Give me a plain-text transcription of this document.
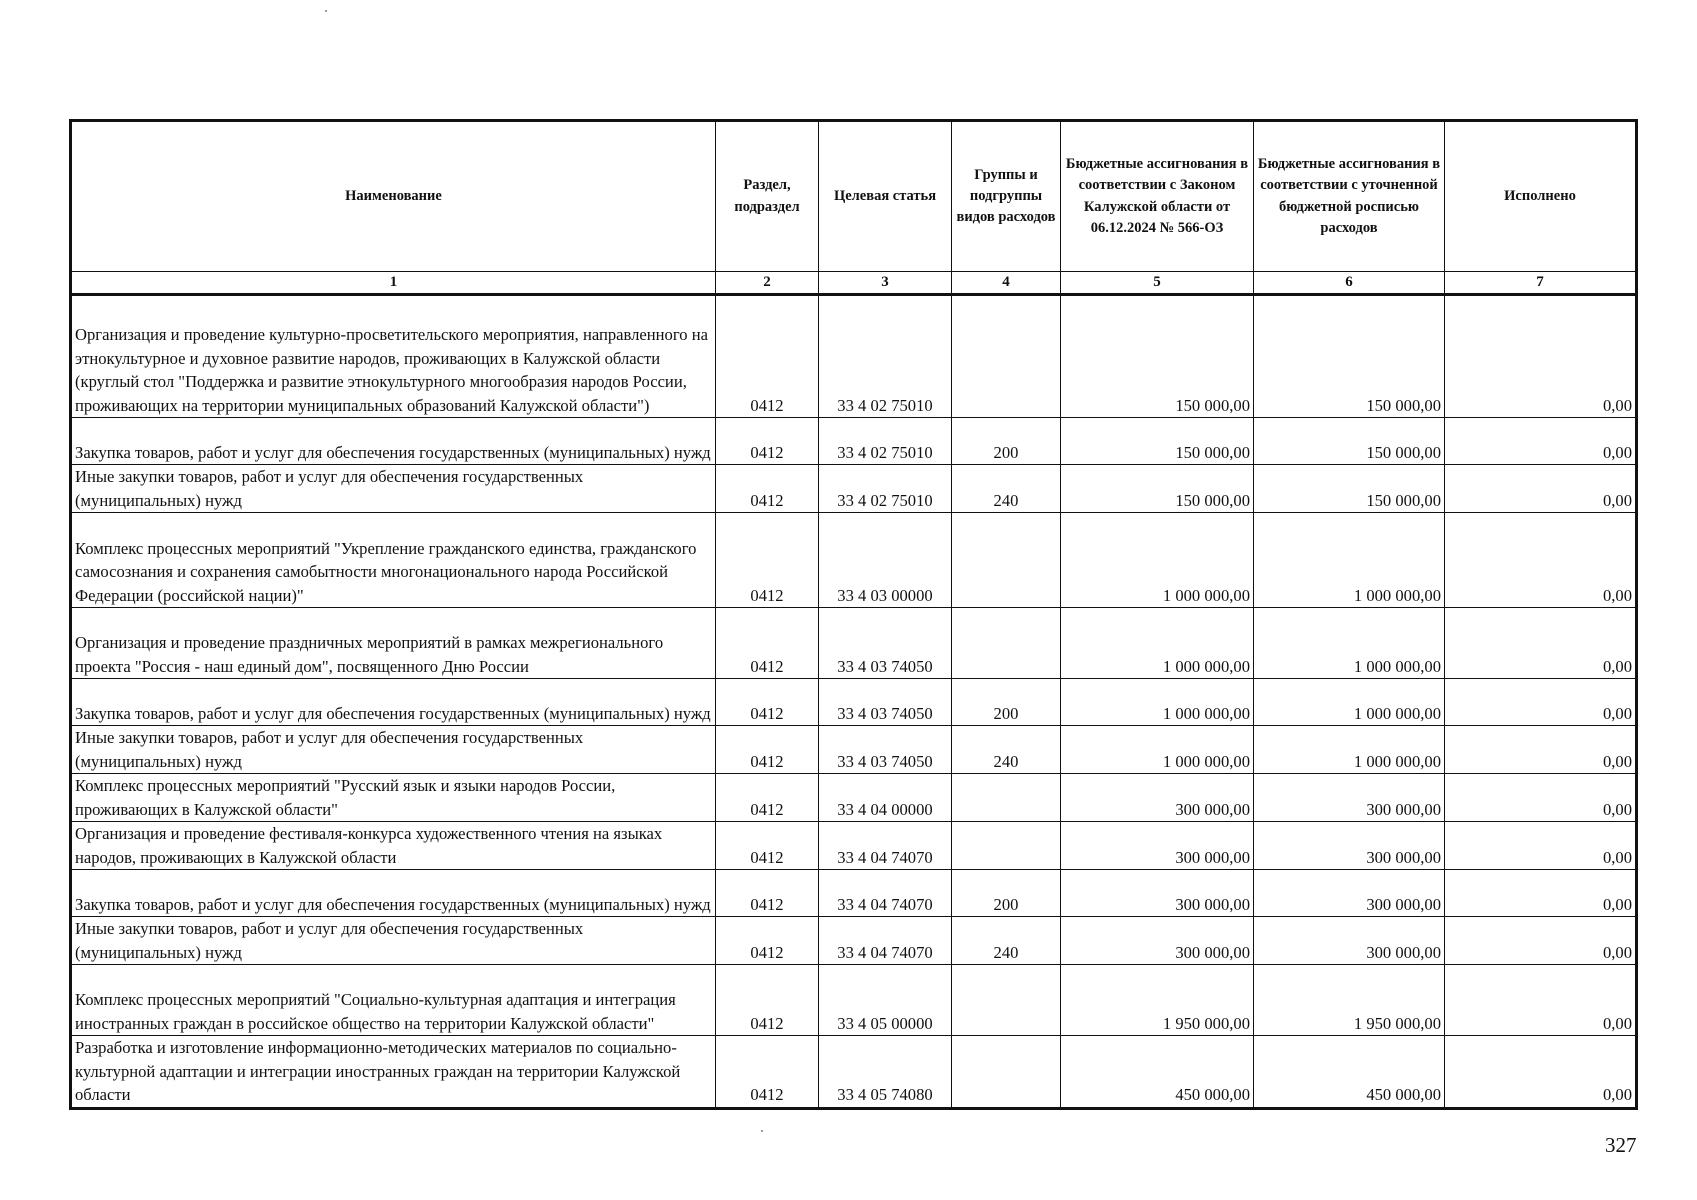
Наименование	Раздел, подраздел	Целевая статья	Группы и подгруппы видов расходов	Бюджетные ассигнования в соответствии с Законом Калужской области от 06.12.2024 № 566-ОЗ	Бюджетные ассигнования в соответствии с уточненной бюджетной росписью расходов	Исполнено
1	2	3	4	5	6	7
Организация и проведение культурно-просветительского мероприятия, направленного на этнокультурное и духовное развитие народов, проживающих в Калужской области (круглый стол "Поддержка и развитие этнокультурного многообразия народов России, проживающих на территории муниципальных образований Калужской области")	0412	33 4 02 75010		150 000,00	150 000,00	0,00
Закупка товаров, работ и услуг для обеспечения государственных (муниципальных) нужд	0412	33 4 02 75010	200	150 000,00	150 000,00	0,00
Иные закупки товаров, работ и услуг для обеспечения государственных (муниципальных) нужд	0412	33 4 02 75010	240	150 000,00	150 000,00	0,00
Комплекс процессных мероприятий "Укрепление гражданского единства, гражданского самосознания и сохранения самобытности многонационального народа Российской Федерации (российской нации)"	0412	33 4 03 00000		1 000 000,00	1 000 000,00	0,00
Организация и проведение праздничных мероприятий в рамках межрегионального проекта "Россия - наш единый дом", посвященного Дню России	0412	33 4 03 74050		1 000 000,00	1 000 000,00	0,00
Закупка товаров, работ и услуг для обеспечения государственных (муниципальных) нужд	0412	33 4 03 74050	200	1 000 000,00	1 000 000,00	0,00
Иные закупки товаров, работ и услуг для обеспечения государственных (муниципальных) нужд	0412	33 4 03 74050	240	1 000 000,00	1 000 000,00	0,00
Комплекс процессных мероприятий "Русский язык и языки народов России, проживающих в Калужской области"	0412	33 4 04 00000		300 000,00	300 000,00	0,00
Организация и проведение фестиваля-конкурса художественного чтения на языках народов, проживающих в Калужской области	0412	33 4 04 74070		300 000,00	300 000,00	0,00
Закупка товаров, работ и услуг для обеспечения государственных (муниципальных) нужд	0412	33 4 04 74070	200	300 000,00	300 000,00	0,00
Иные закупки товаров, работ и услуг для обеспечения государственных (муниципальных) нужд	0412	33 4 04 74070	240	300 000,00	300 000,00	0,00
Комплекс процессных мероприятий "Социально-культурная адаптация и интеграция иностранных граждан в российское общество на территории Калужской области"	0412	33 4 05 00000		1 950 000,00	1 950 000,00	0,00
Разработка и изготовление информационно-методических материалов по социально-культурной адаптации и интеграции иностранных граждан на территории Калужской области	0412	33 4 05 74080		450 000,00	450 000,00	0,00
327
